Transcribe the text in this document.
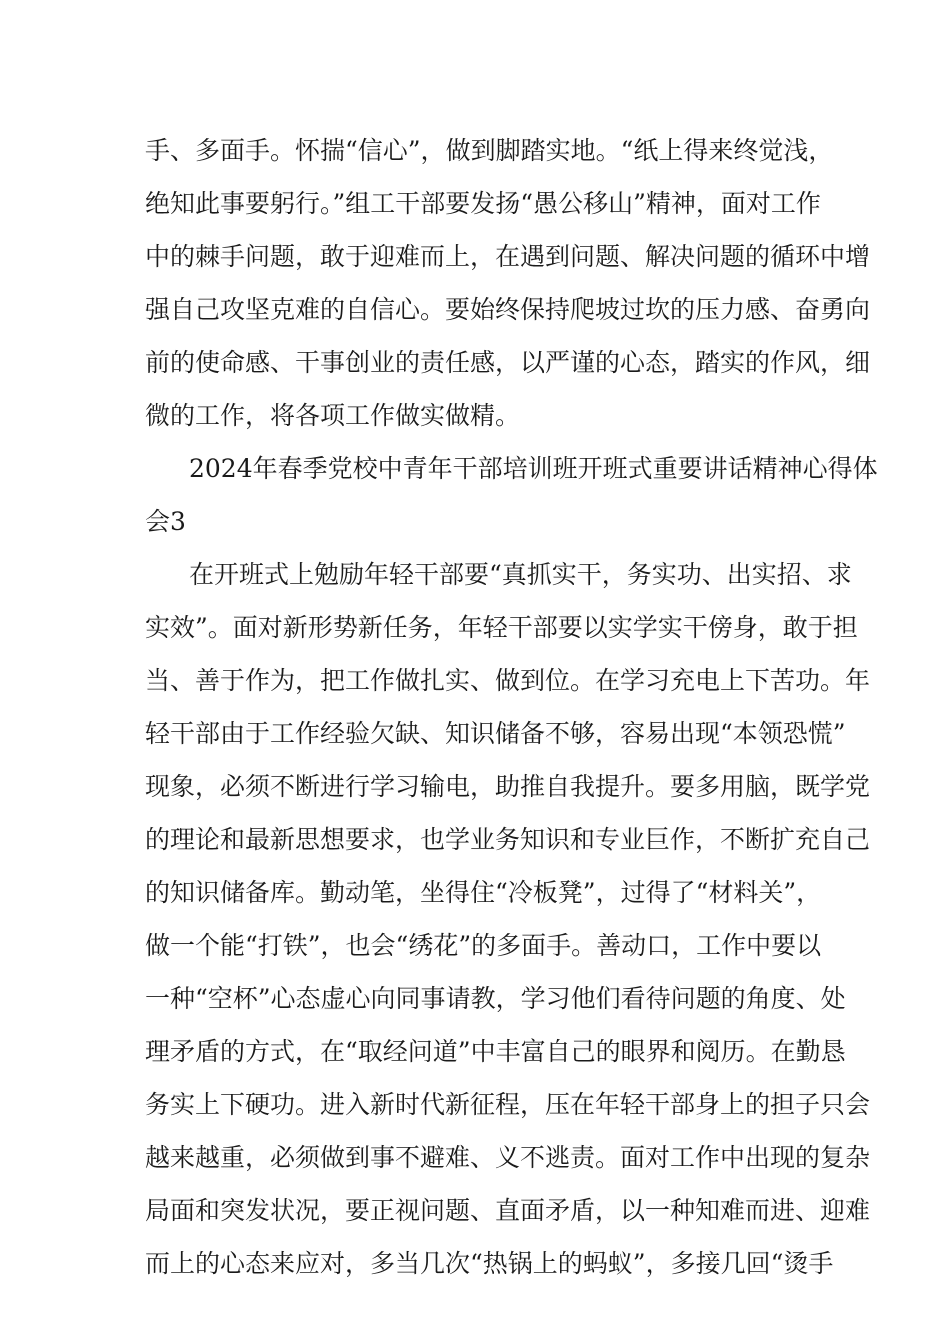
手、多面手。怀揣“信心”，做到脚踏实地。“纸上得来终觉浅，
绝知此事要躬行。”组工干部要发扬“愚公移山”精神，面对工作
中的棘手问题，敢于迎难而上，在遇到问题、解决问题的循环中增
强自己攻坚克难的自信心。要始终保持爬坡过坎的压力感、奋勇向
前的使命感、干事创业的责任感，以严谨的心态，踏实的作风，细
微的工作，将各项工作做实做精。
2024年春季党校中青年干部培训班开班式重要讲话精神心得体
会3
在开班式上勉励年轻干部要“真抓实干，务实功、出实招、求
实效”。面对新形势新任务，年轻干部要以实学实干傍身，敢于担
当、善于作为，把工作做扎实、做到位。在学习充电上下苦功。年
轻干部由于工作经验欠缺、知识储备不够，容易出现“本领恐慌”
现象，必须不断进行学习输电，助推自我提升。要多用脑，既学党
的理论和最新思想要求，也学业务知识和专业巨作，不断扩充自己
的知识储备库。勤动笔，坐得住“冷板凳”，过得了“材料关”，
做一个能“打铁”，也会“绣花”的多面手。善动口，工作中要以
一种“空杯”心态虚心向同事请教，学习他们看待问题的角度、处
理矛盾的方式，在“取经问道”中丰富自己的眼界和阅历。在勤恳
务实上下硬功。进入新时代新征程，压在年轻干部身上的担子只会
越来越重，必须做到事不避难、义不逃责。面对工作中出现的复杂
局面和突发状况，要正视问题、直面矛盾，以一种知难而进、迎难
而上的心态来应对，多当几次“热锅上的蚂蚁”，多接几回“烫手
